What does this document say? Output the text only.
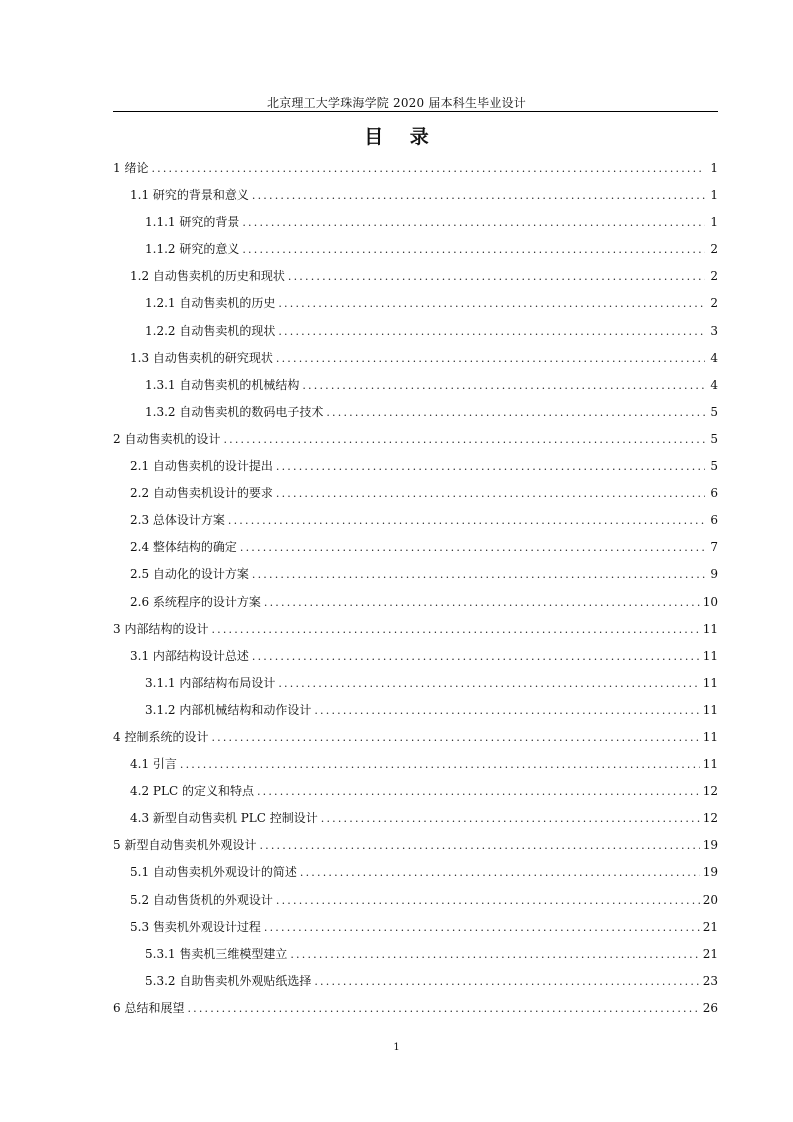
北京理工大学珠海学院 2020 届本科生毕业设计
目 录
1 绪论 .....	1
1.1 研究的背景和意义 .....	1
1.1.1 研究的背景 .....	1
1.1.2 研究的意义 .....	2
1.2 自动售卖机的历史和现状 .....	2
1.2.1 自动售卖机的历史 .....	2
1.2.2 自动售卖机的现状 .....	3
1.3 自动售卖机的研究现状 .....	4
1.3.1 自动售卖机的机械结构 .....	4
1.3.2 自动售卖机的数码电子技术 .....	5
2 自动售卖机的设计 .....	5
2.1 自动售卖机的设计提出 .....	5
2.2 自动售卖机设计的要求 .....	6
2.3 总体设计方案 .....	6
2.4 整体结构的确定 .....	7
2.5 自动化的设计方案 .....	9
2.6 系统程序的设计方案 .....	10
3 内部结构的设计 .....	11
3.1 内部结构设计总述 .....	11
3.1.1 内部结构布局设计 .....	11
3.1.2 内部机械结构和动作设计 .....	11
4 控制系统的设计 .....	11
4.1 引言 .....	11
4.2 PLC 的定义和特点 .....	12
4.3 新型自动售卖机 PLC 控制设计 .....	12
5 新型自动售卖机外观设计 .....	19
5.1 自动售卖机外观设计的简述 .....	19
5.2 自动售货机的外观设计 .....	20
5.3 售卖机外观设计过程 .....	21
5.3.1 售卖机三维模型建立 .....	21
5.3.2 自助售卖机外观贴纸选择 .....	23
6 总结和展望 .....	26
1
